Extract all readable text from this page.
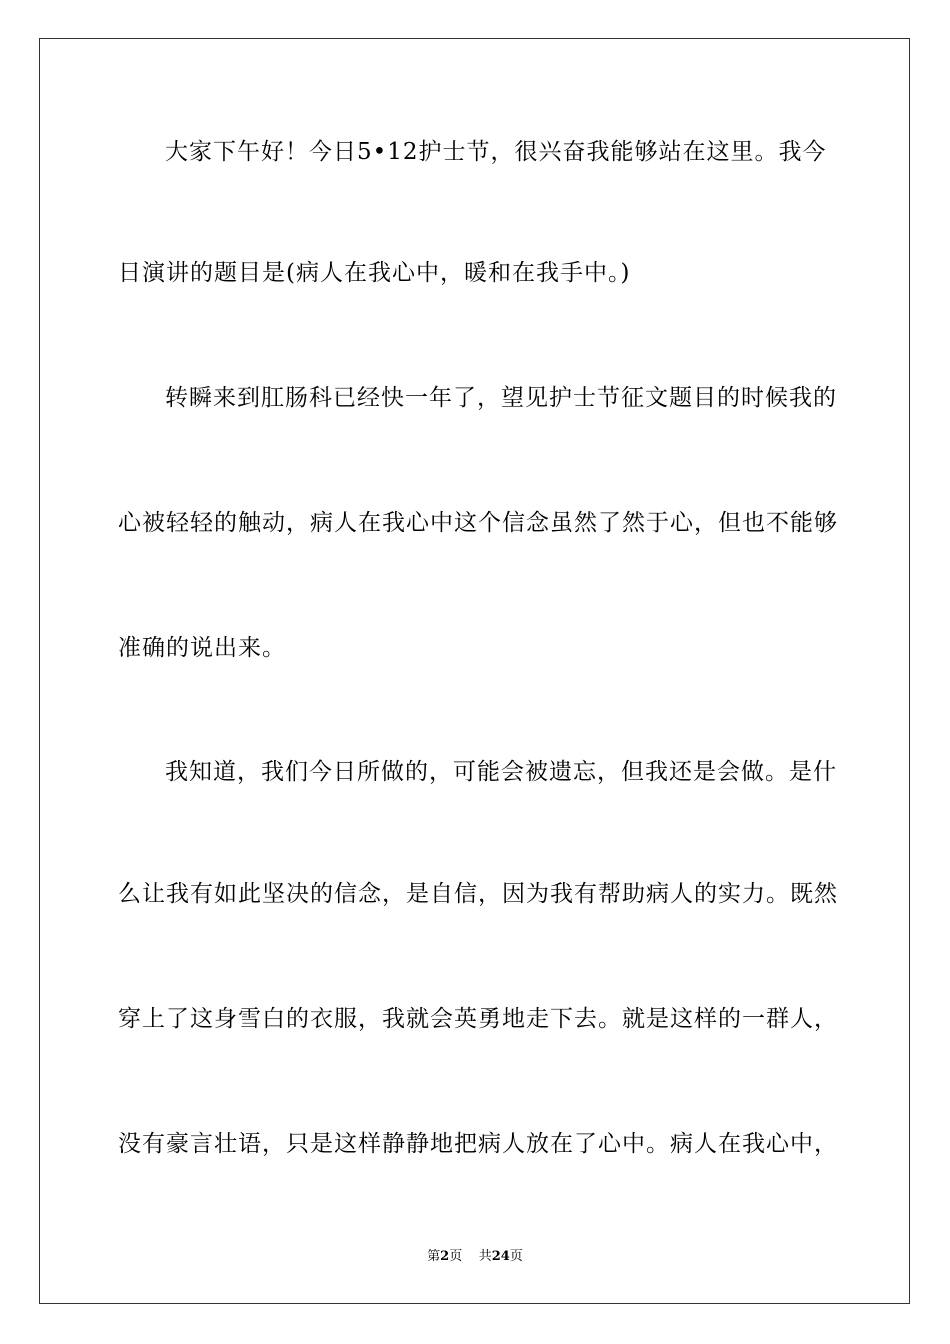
大家下午好！今日5•12护士节，很兴奋我能够站在这里。我今
日演讲的题目是(病人在我心中，暖和在我手中。)
转瞬来到肛肠科已经快一年了，望见护士节征文题目的时候我的
心被轻轻的触动，病人在我心中这个信念虽然了然于心，但也不能够
准确的说出来。
我知道，我们今日所做的，可能会被遗忘，但我还是会做。是什
么让我有如此坚决的信念，是自信，因为我有帮助病人的实力。既然
穿上了这身雪白的衣服，我就会英勇地走下去。就是这样的一群人，
没有豪言壮语，只是这样静静地把病人放在了心中。病人在我心中，
第2页 共24页
